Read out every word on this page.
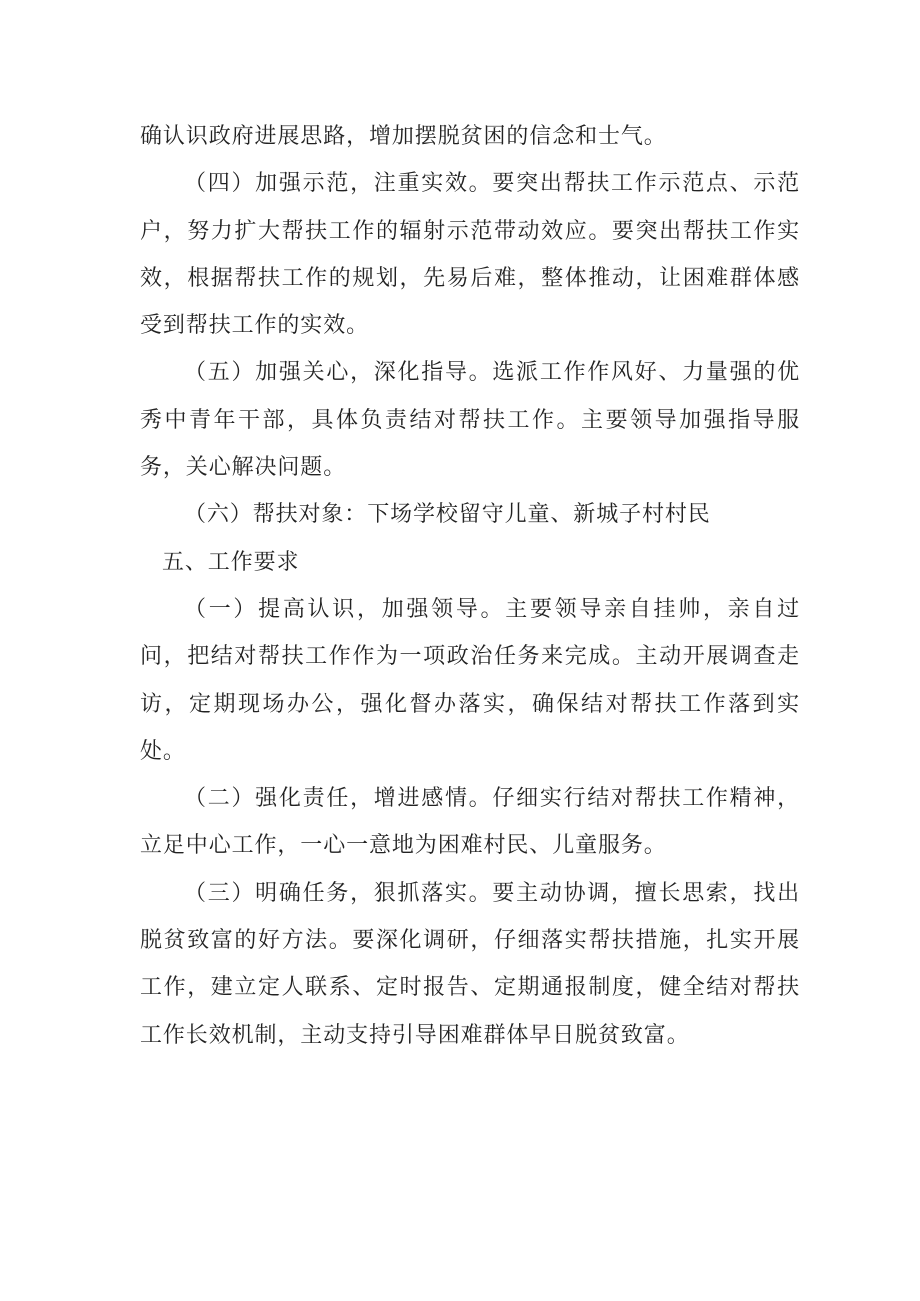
确认识政府进展思路，增加摆脱贫困的信念和士气。

（四）加强示范，注重实效。要突出帮扶工作示范点、示范户，努力扩大帮扶工作的辐射示范带动效应。要突出帮扶工作实效，根据帮扶工作的规划，先易后难，整体推动，让困难群体感受到帮扶工作的实效。

（五）加强关心，深化指导。选派工作作风好、力量强的优秀中青年干部，具体负责结对帮扶工作。主要领导加强指导服务，关心解决问题。

（六）帮扶对象：下场学校留守儿童、新城子村村民

五、工作要求

（一）提高认识，加强领导。主要领导亲自挂帅，亲自过问，把结对帮扶工作作为一项政治任务来完成。主动开展调查走访，定期现场办公，强化督办落实，确保结对帮扶工作落到实处。

（二）强化责任，增进感情。仔细实行结对帮扶工作精神，立足中心工作，一心一意地为困难村民、儿童服务。

（三）明确任务，狠抓落实。要主动协调，擅长思索，找出脱贫致富的好方法。要深化调研，仔细落实帮扶措施，扎实开展工作，建立定人联系、定时报告、定期通报制度，健全结对帮扶工作长效机制，主动支持引导困难群体早日脱贫致富。
